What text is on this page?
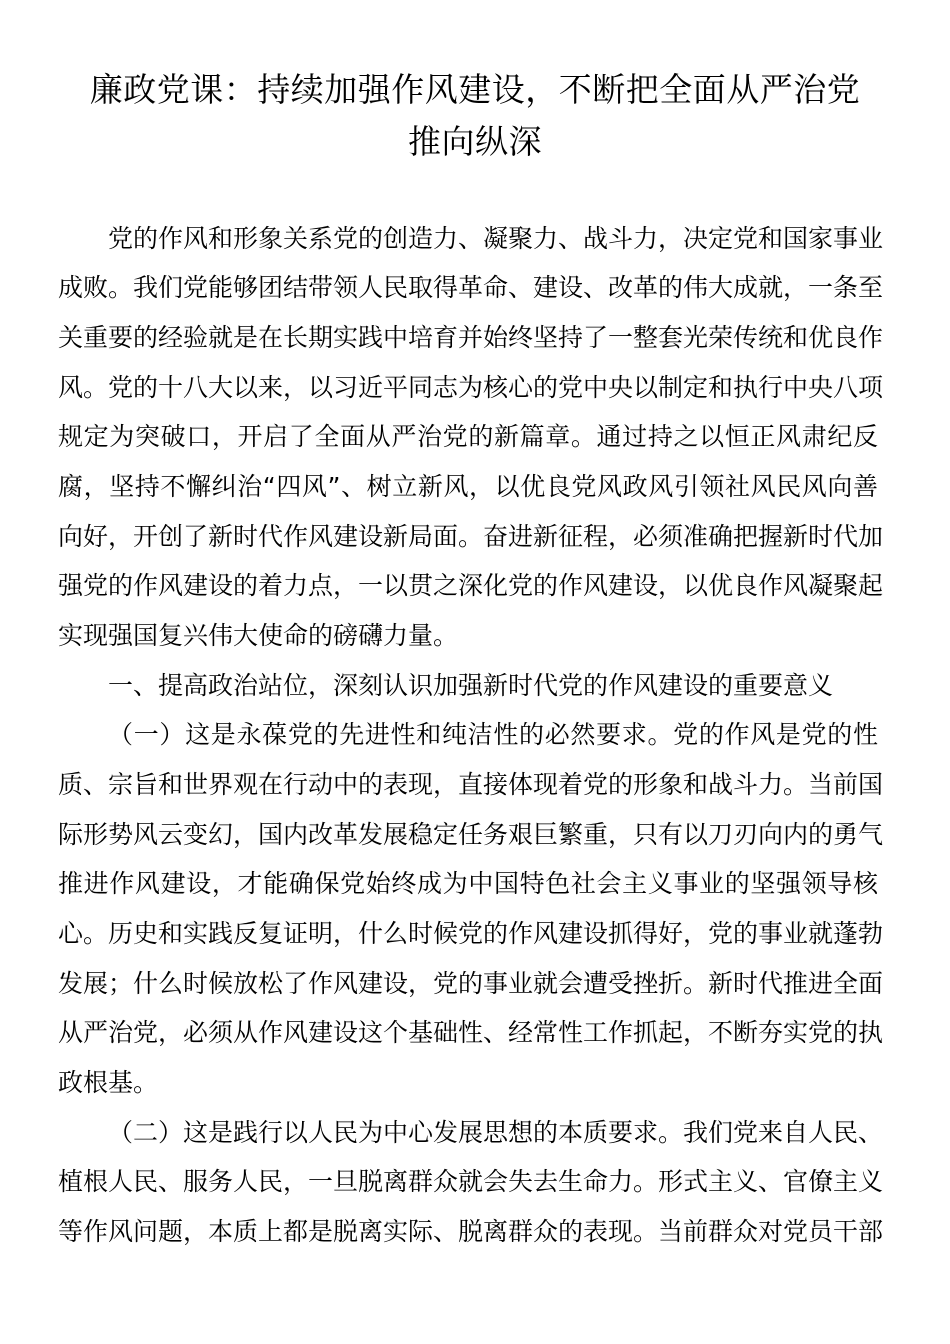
廉政党课：持续加强作风建设，不断把全面从严治党
推向纵深

党的作风和形象关系党的创造力、凝聚力、战斗力，决定党和国家事业

成败。我们党能够团结带领人民取得革命、建设、改革的伟大成就，一条至

关重要的经验就是在长期实践中培育并始终坚持了一整套光荣传统和优良作

风。党的十八大以来，以习近平同志为核心的党中央以制定和执行中央八项

规定为突破口，开启了全面从严治党的新篇章。通过持之以恒正风肃纪反

腐，坚持不懈纠治“四风”、树立新风，以优良党风政风引领社风民风向善

向好，开创了新时代作风建设新局面。奋进新征程，必须准确把握新时代加

强党的作风建设的着力点，一以贯之深化党的作风建设，以优良作风凝聚起

实现强国复兴伟大使命的磅礴力量。

一、提高政治站位，深刻认识加强新时代党的作风建设的重要意义

（一）这是永葆党的先进性和纯洁性的必然要求。党的作风是党的性

质、宗旨和世界观在行动中的表现，直接体现着党的形象和战斗力。当前国

际形势风云变幻，国内改革发展稳定任务艰巨繁重，只有以刀刃向内的勇气

推进作风建设，才能确保党始终成为中国特色社会主义事业的坚强领导核

心。历史和实践反复证明，什么时候党的作风建设抓得好，党的事业就蓬勃

发展；什么时候放松了作风建设，党的事业就会遭受挫折。新时代推进全面

从严治党，必须从作风建设这个基础性、经常性工作抓起，不断夯实党的执

政根基。

（二）这是践行以人民为中心发展思想的本质要求。我们党来自人民、

植根人民、服务人民，一旦脱离群众就会失去生命力。形式主义、官僚主义

等作风问题，本质上都是脱离实际、脱离群众的表现。当前群众对党员干部
